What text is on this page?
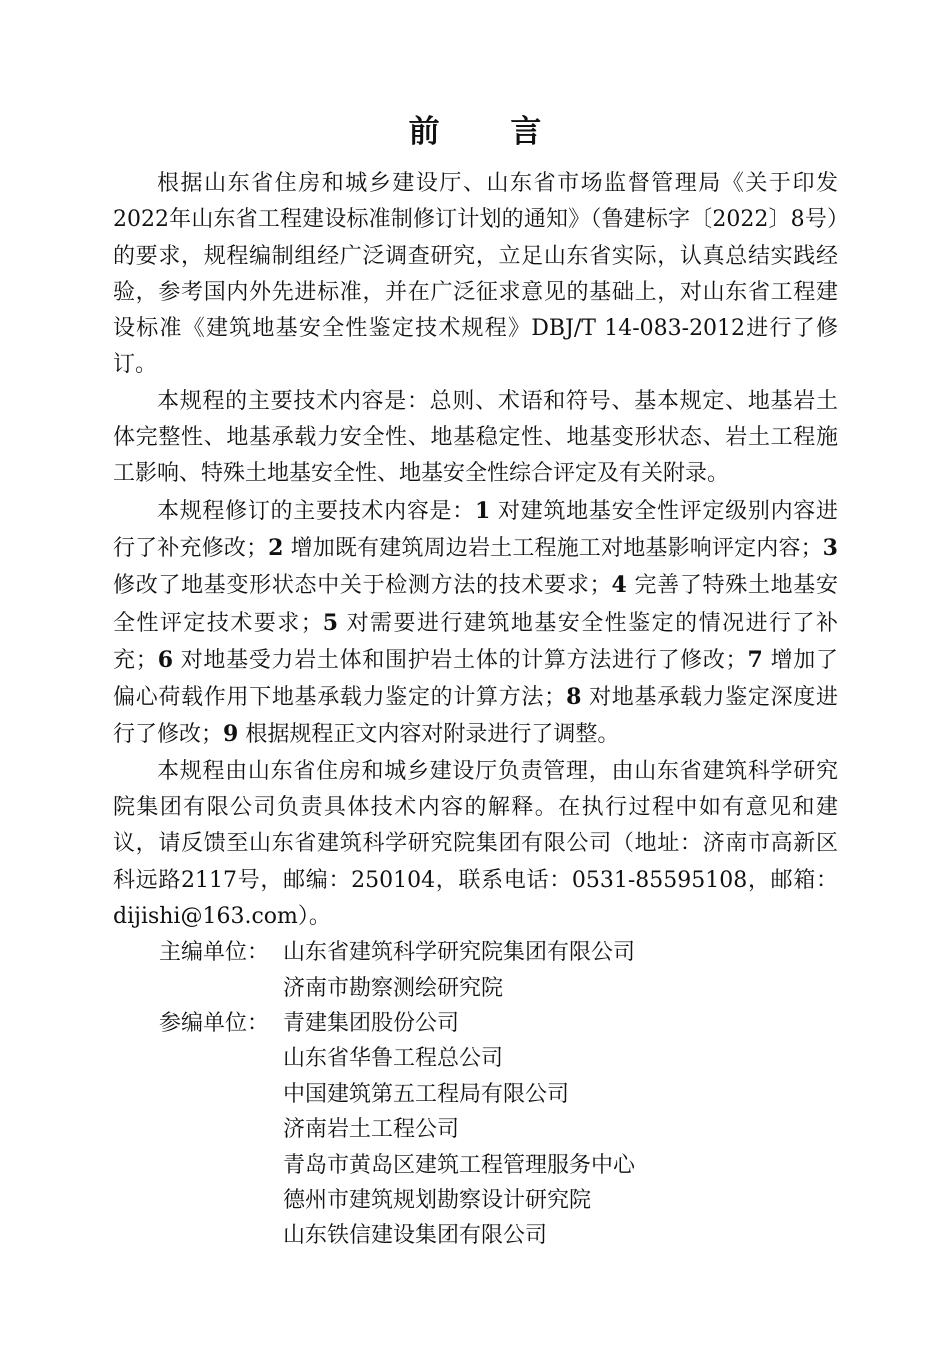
前 言

根据山东省住房和城乡建设厅、山东省市场监督管理局《关于印发2022年山东省工程建设标准制修订计划的通知》（鲁建标字〔2022〕8号）的要求，规程编制组经广泛调查研究，立足山东省实际，认真总结实践经验，参考国内外先进标准，并在广泛征求意见的基础上，对山东省工程建设标准《建筑地基安全性鉴定技术规程》DBJ/T 14-083-2012进行了修订。

本规程的主要技术内容是：总则、术语和符号、基本规定、地基岩土体完整性、地基承载力安全性、地基稳定性、地基变形状态、岩土工程施工影响、特殊土地基安全性、地基安全性综合评定及有关附录。

本规程修订的主要技术内容是：1 对建筑地基安全性评定级别内容进行了补充修改；2 增加既有建筑周边岩土工程施工对地基影响评定内容；3 修改了地基变形状态中关于检测方法的技术要求；4 完善了特殊土地基安全性评定技术要求；5 对需要进行建筑地基安全性鉴定的情况进行了补充；6 对地基受力岩土体和围护岩土体的计算方法进行了修改；7 增加了偏心荷载作用下地基承载力鉴定的计算方法；8 对地基承载力鉴定深度进行了修改；9 根据规程正文内容对附录进行了调整。

本规程由山东省住房和城乡建设厅负责管理，由山东省建筑科学研究院集团有限公司负责具体技术内容的解释。在执行过程中如有意见和建议，请反馈至山东省建筑科学研究院集团有限公司（地址：济南市高新区科远路2117号，邮编：250104，联系电话：0531-85595108，邮箱：dijishi@163.com）。

主编单位： 山东省建筑科学研究院集团有限公司
济南市勘察测绘研究院
参编单位： 青建集团股份公司
山东省华鲁工程总公司
中国建筑第五工程局有限公司
济南岩土工程公司
青岛市黄岛区建筑工程管理服务中心
德州市建筑规划勘察设计研究院
山东铁信建设集团有限公司
